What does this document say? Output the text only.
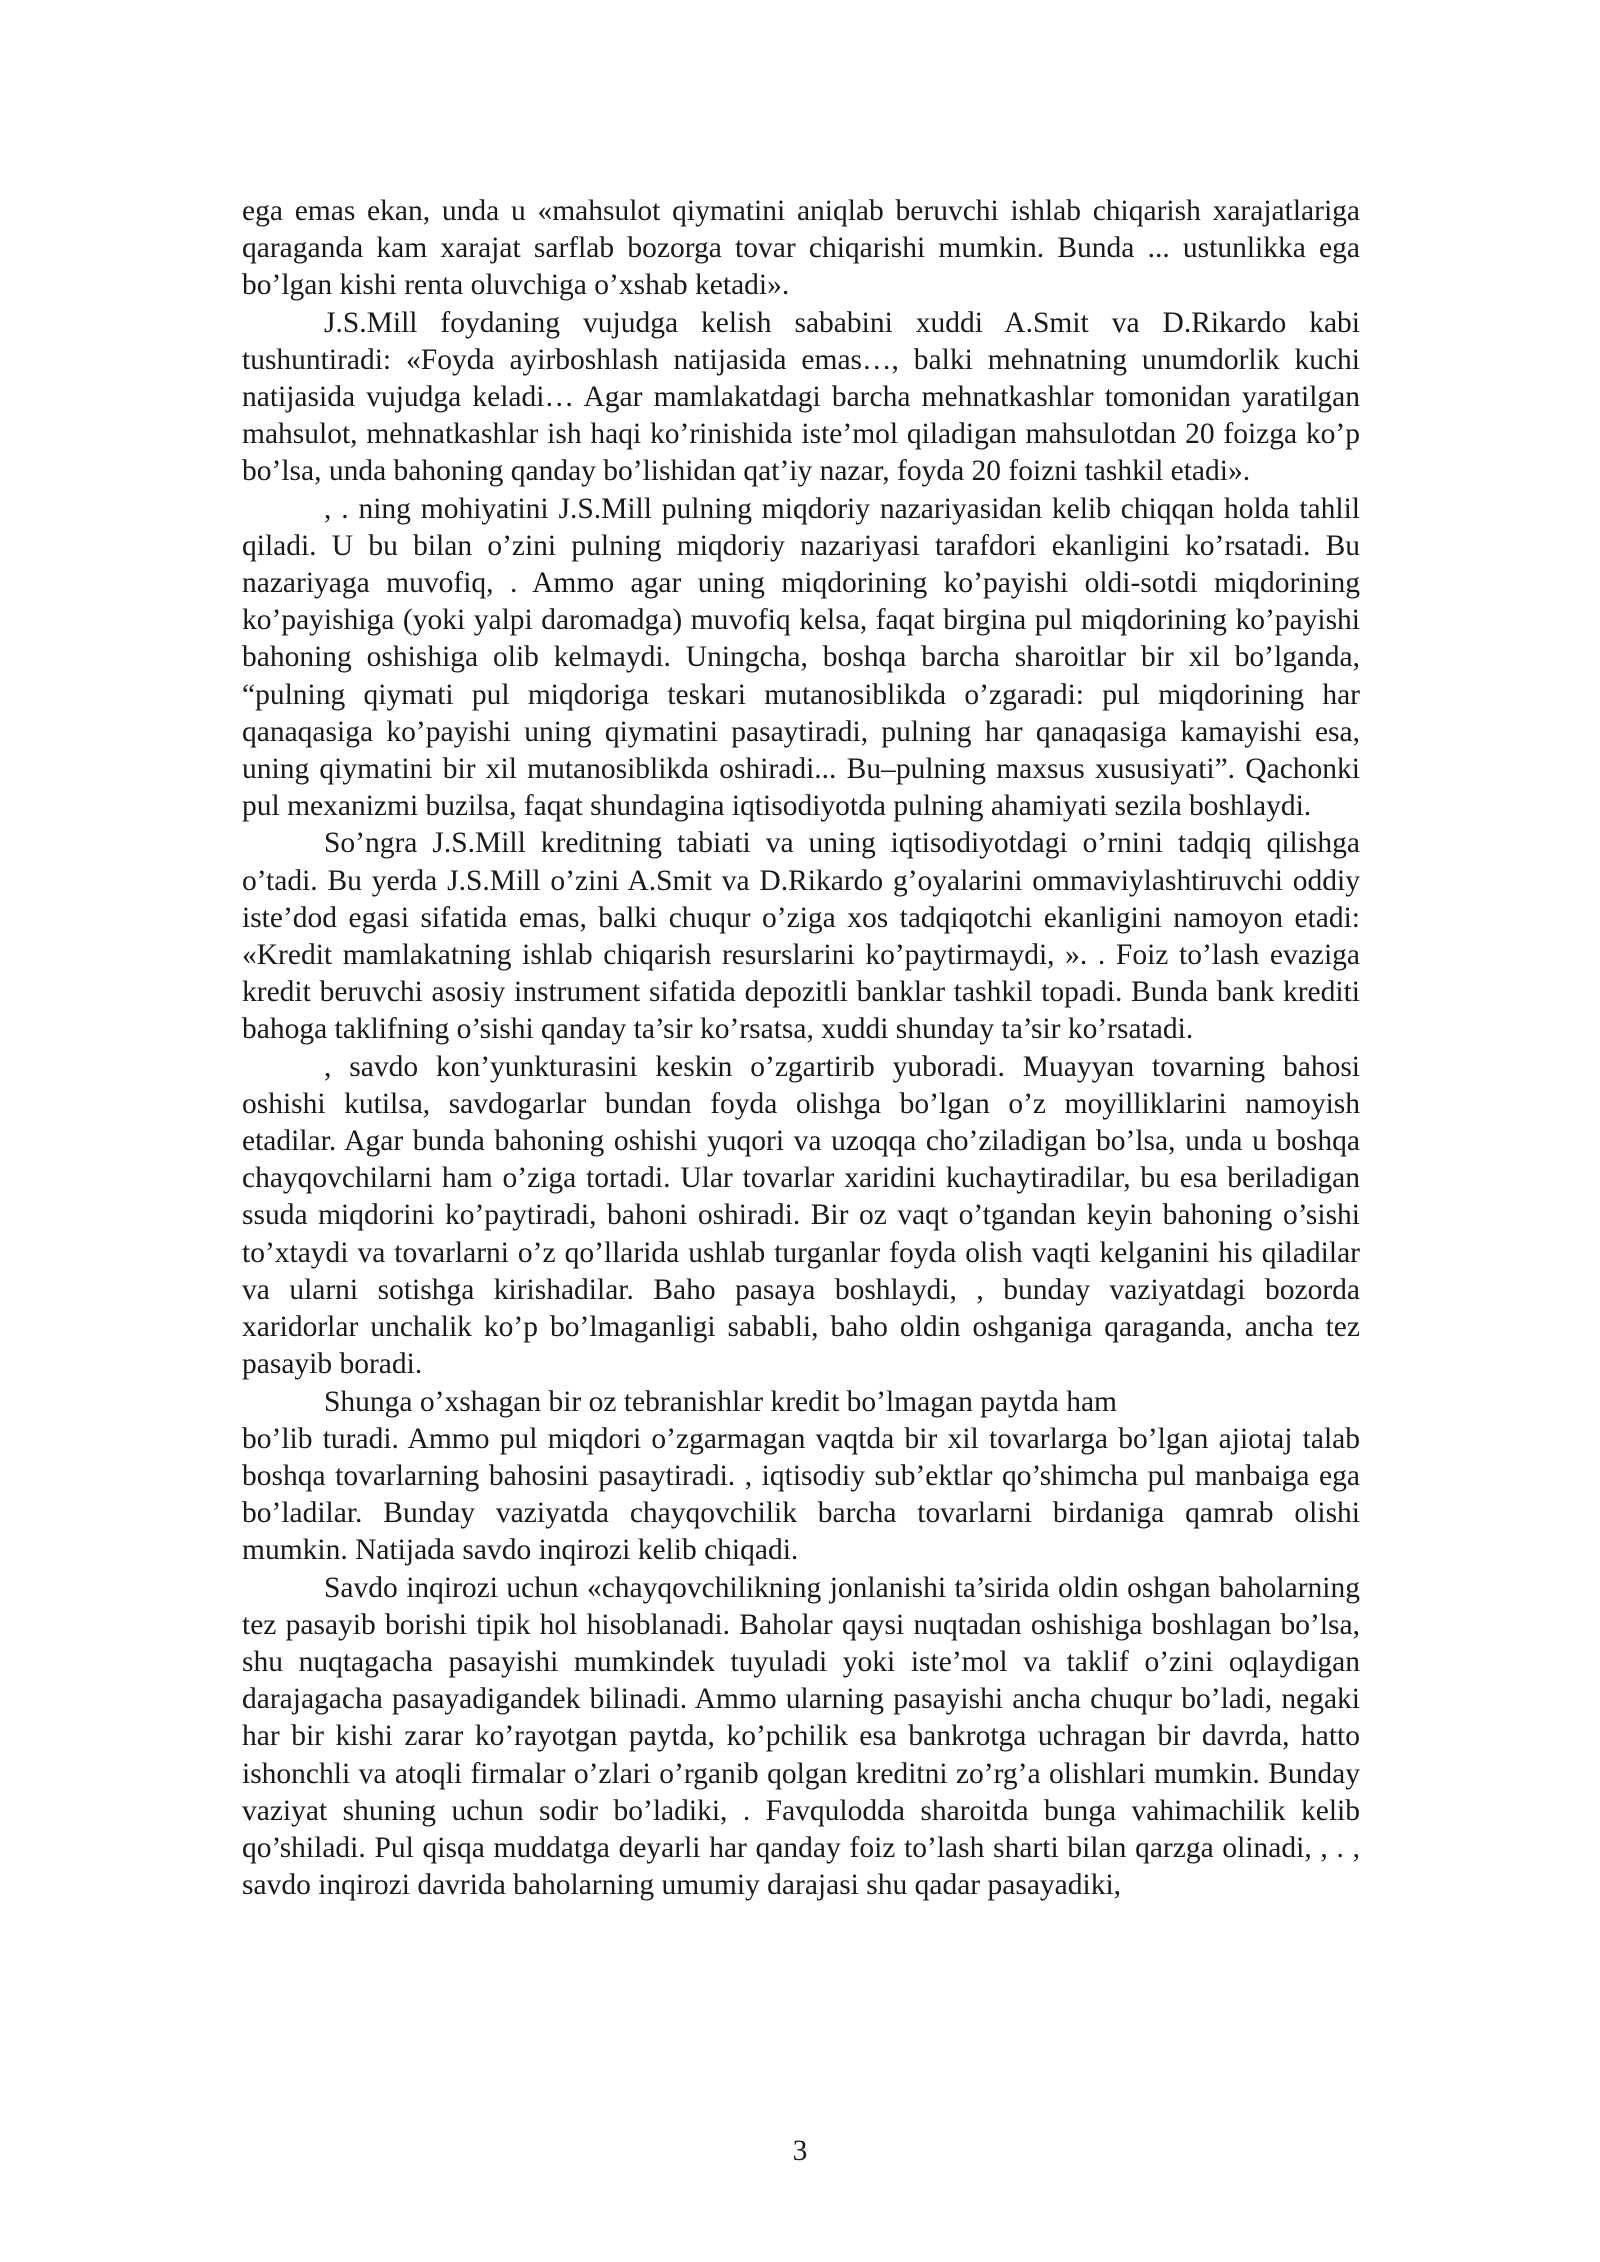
ega emas ekan, unda u «mahsulot qiymatini aniqlab beruvchi ishlab chiqarish xarajatlariga qaraganda kam xarajat sarflab bozorga tovar chiqarishi mumkin. Bunda ... ustunlikka ega bo’lgan kishi renta oluvchiga o’xshab ketadi».

J.S.Mill foydaning vujudga kelish sababini xuddi A.Smit va D.Rikardo kabi tushuntiradi: «Foyda ayirboshlash natijasida emas…, balki mehnatning unumdorlik kuchi natijasida vujudga keladi… Agar mamlakatdagi barcha mehnatkashlar tomonidan yaratilgan mahsulot, mehnatkashlar ish haqi ko’rinishida iste’mol qiladigan mahsulotdan 20 foizga ko’p bo’lsa, unda bahoning qanday bo’lishidan qat’iy nazar, foyda 20 foizni tashkil etadi».

, . ning mohiyatini J.S.Mill pulning miqdoriy nazariyasidan kelib chiqqan holda tahlil qiladi. U bu bilan o’zini pulning miqdoriy nazariyasi tarafdori ekanligini ko’rsatadi. Bu nazariyaga muvofiq, . Ammo agar uning miqdorining ko’payishi oldi-sotdi miqdorining ko’payishiga (yoki yalpi daromadga) muvofiq kelsa, faqat birgina pul miqdorining ko’payishi bahoning oshishiga olib kelmaydi. Uningcha, boshqa barcha sharoitlar bir xil bo’lganda, “pulning qiymati pul miqdoriga teskari mutanosiblikda o’zgaradi: pul miqdorining har qanaqasiga ko’payishi uning qiymatini pasaytiradi, pulning har qanaqasiga kamayishi esa, uning qiymatini bir xil mutanosiblikda oshiradi... Bu–pulning maxsus xususiyati”. Qachonki pul mexanizmi buzilsa, faqat shundagina iqtisodiyotda pulning ahamiyati sezila boshlaydi.

So’ngra J.S.Mill kreditning tabiati va uning iqtisodiyotdagi o’rnini tadqiq qilishga o’tadi. Bu yerda J.S.Mill o’zini A.Smit va D.Rikardo g’oyalarini ommaviylashtiruvchi oddiy iste’dod egasi sifatida emas, balki chuqur o’ziga xos tadqiqotchi ekanligini namoyon etadi: «Kredit mamlakatning ishlab chiqarish resurslarini ko’paytirmaydi, ». . Foiz to’lash evaziga kredit beruvchi asosiy instrument sifatida depozitli banklar tashkil topadi. Bunda bank krediti bahoga taklifning o’sishi qanday ta’sir ko’rsatsa, xuddi shunday ta’sir ko’rsatadi.

, savdo kon’yunkturasini keskin o’zgartirib yuboradi. Muayyan tovarning bahosi oshishi kutilsa, savdogarlar bundan foyda olishga bo’lgan o’z moyilliklarini namoyish etadilar. Agar bunda bahoning oshishi yuqori va uzoqqa cho’ziladigan bo’lsa, unda u boshqa chayqovchilarni ham o’ziga tortadi. Ular tovarlar xaridini kuchaytiradilar, bu esa beriladigan ssuda miqdorini ko’paytiradi, bahoni oshiradi. Bir oz vaqt o’tgandan keyin bahoning o’sishi to’xtaydi va tovarlarni o’z qo’llarida ushlab turganlar foyda olish vaqti kelganini his qiladilar va ularni sotishga kirishadilar. Baho pasaya boshlaydi, , bunday vaziyatdagi bozorda xaridorlar unchalik ko’p bo’lmaganligi sababli, baho oldin oshganiga qaraganda, ancha tez pasayib boradi.

Shunga o’xshagan bir oz tebranishlar kredit bo’lmagan paytda ham

bo’lib turadi. Ammo pul miqdori o’zgarmagan vaqtda bir xil tovarlarga bo’lgan ajiotaj talab boshqa tovarlarning bahosini pasaytiradi. , iqtisodiy sub’ektlar qo’shimcha pul manbaiga ega bo’ladilar. Bunday vaziyatda chayqovchilik barcha tovarlarni birdaniga qamrab olishi mumkin. Natijada savdo inqirozi kelib chiqadi.

Savdo inqirozi uchun «chayqovchilikning jonlanishi ta’sirida oldin oshgan baholarning tez pasayib borishi tipik hol hisoblanadi. Baholar qaysi nuqtadan oshishiga boshlagan bo’lsa, shu nuqtagacha pasayishi mumkindek tuyuladi yoki iste’mol va taklif o’zini oqlaydigan darajagacha pasayadigandek bilinadi. Ammo ularning pasayishi ancha chuqur bo’ladi, negaki har bir kishi zarar ko’rayotgan paytda, ko’pchilik esa bankrotga uchragan bir davrda, hatto ishonchli va atoqli firmalar o’zlari o’rganib qolgan kreditni zo’rg’a olishlari mumkin. Bunday vaziyat shuning uchun sodir bo’ladiki, . Favqulodda sharoitda bunga vahimachilik kelib qo’shiladi. Pul qisqa muddatga deyarli har qanday foiz to’lash sharti bilan qarzga olinadi, , . , savdo inqirozi davrida baholarning umumiy darajasi shu qadar pasayadiki,

3
